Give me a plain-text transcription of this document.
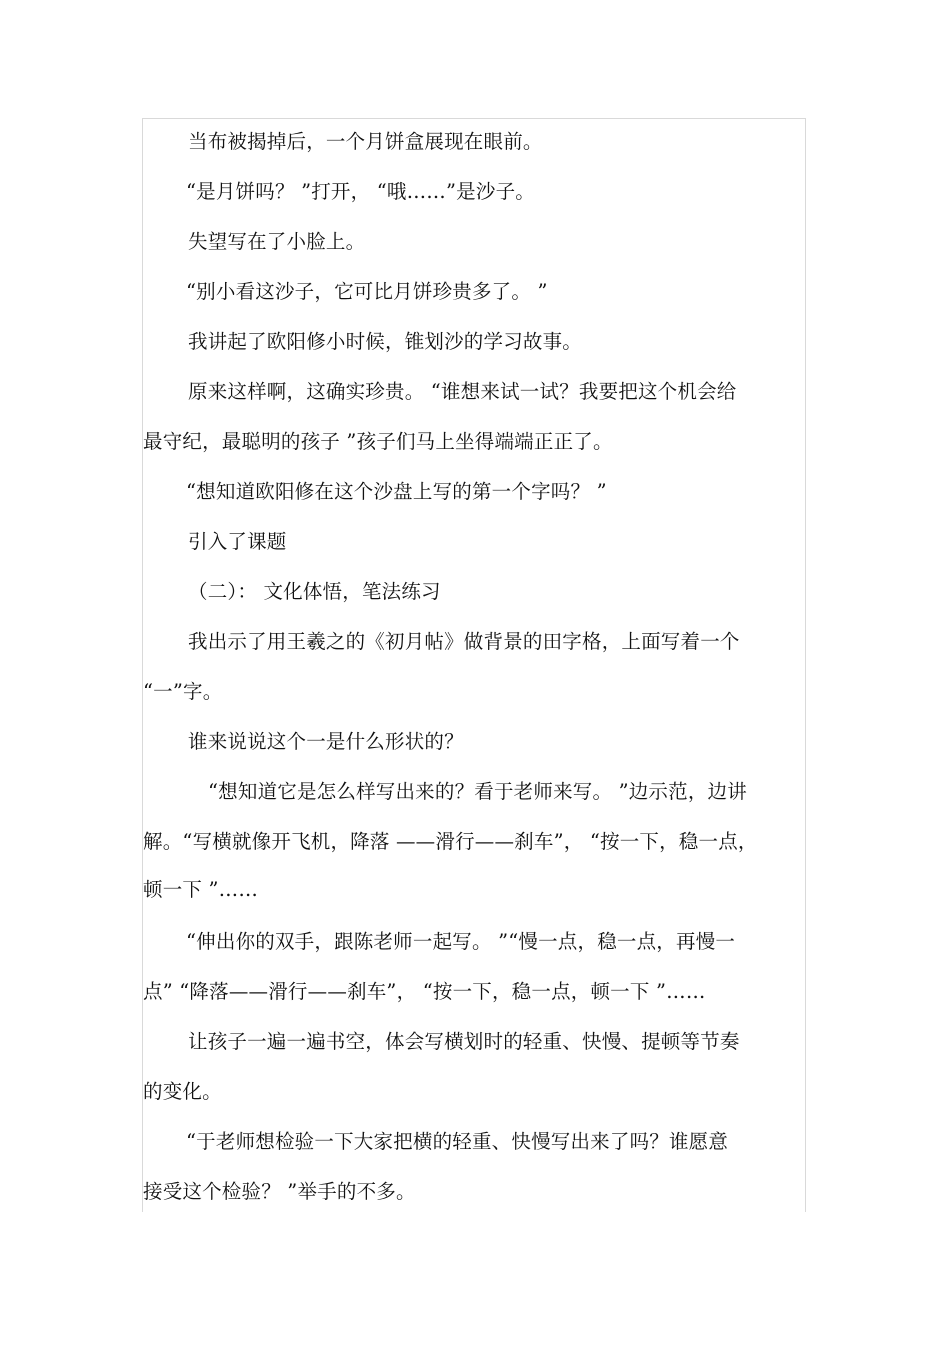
当布被揭掉后，一个月饼盒展现在眼前。
“是月饼吗？ ”打开， “哦……”是沙子。
失望写在了小脸上。
“别小看这沙子，它可比月饼珍贵多了。 ”
我讲起了欧阳修小时候，锥划沙的学习故事。
原来这样啊，这确实珍贵。 “谁想来试一试？我要把这个机会给
最守纪，最聪明的孩子 ”孩子们马上坐得端端正正了。
“想知道欧阳修在这个沙盘上写的第一个字吗？ ”
引入了课题
（二）： 文化体悟，笔法练习
我出示了用王羲之的《初月帖》做背景的田字格，上面写着一个
“一”字。
谁来说说这个一是什么形状的？
“想知道它是怎么样写出来的？看于老师来写。 ”边示范，边讲
解。“写横就像开飞机，降落 ——滑行——刹车”， “按一下，稳一点，
顿一下 ”……
“伸出你的双手，跟陈老师一起写。 ”“慢一点，稳一点，再慢一
点” “降落——滑行——刹车”， “按一下，稳一点，顿一下 ”……
让孩子一遍一遍书空，体会写横划时的轻重、快慢、提顿等节奏
的变化。
“于老师想检验一下大家把横的轻重、快慢写出来了吗？谁愿意
接受这个检验？ ”举手的不多。
